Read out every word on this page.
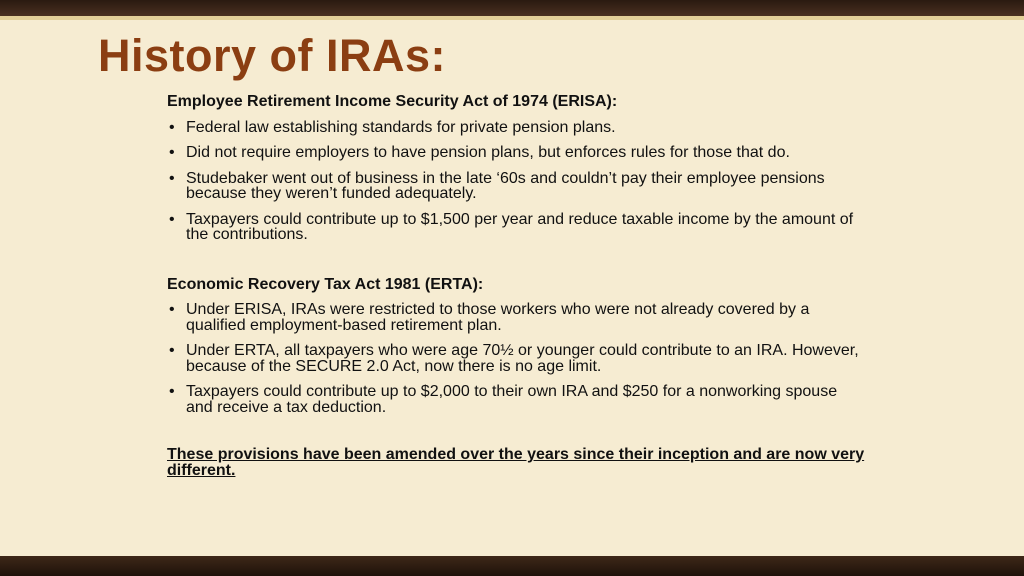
History of IRAs:

Employee Retirement Income Security Act of 1974 (ERISA):

• Federal law establishing standards for private pension plans.
• Did not require employers to have pension plans, but enforces rules for those that do.
• Studebaker went out of business in the late ‘60s and couldn’t pay their employee pensions because they weren’t funded adequately.
• Taxpayers could contribute up to $1,500 per year and reduce taxable income by the amount of the contributions.

Economic Recovery Tax Act 1981 (ERTA):

• Under ERISA, IRAs were restricted to those workers who were not already covered by a qualified employment-based retirement plan.
• Under ERTA, all taxpayers who were age 70½ or younger could contribute to an IRA. However, because of the SECURE 2.0 Act, now there is no age limit.
• Taxpayers could contribute up to $2,000 to their own IRA and $250 for a nonworking spouse and receive a tax deduction.

These provisions have been amended over the years since their inception and are now very different.
